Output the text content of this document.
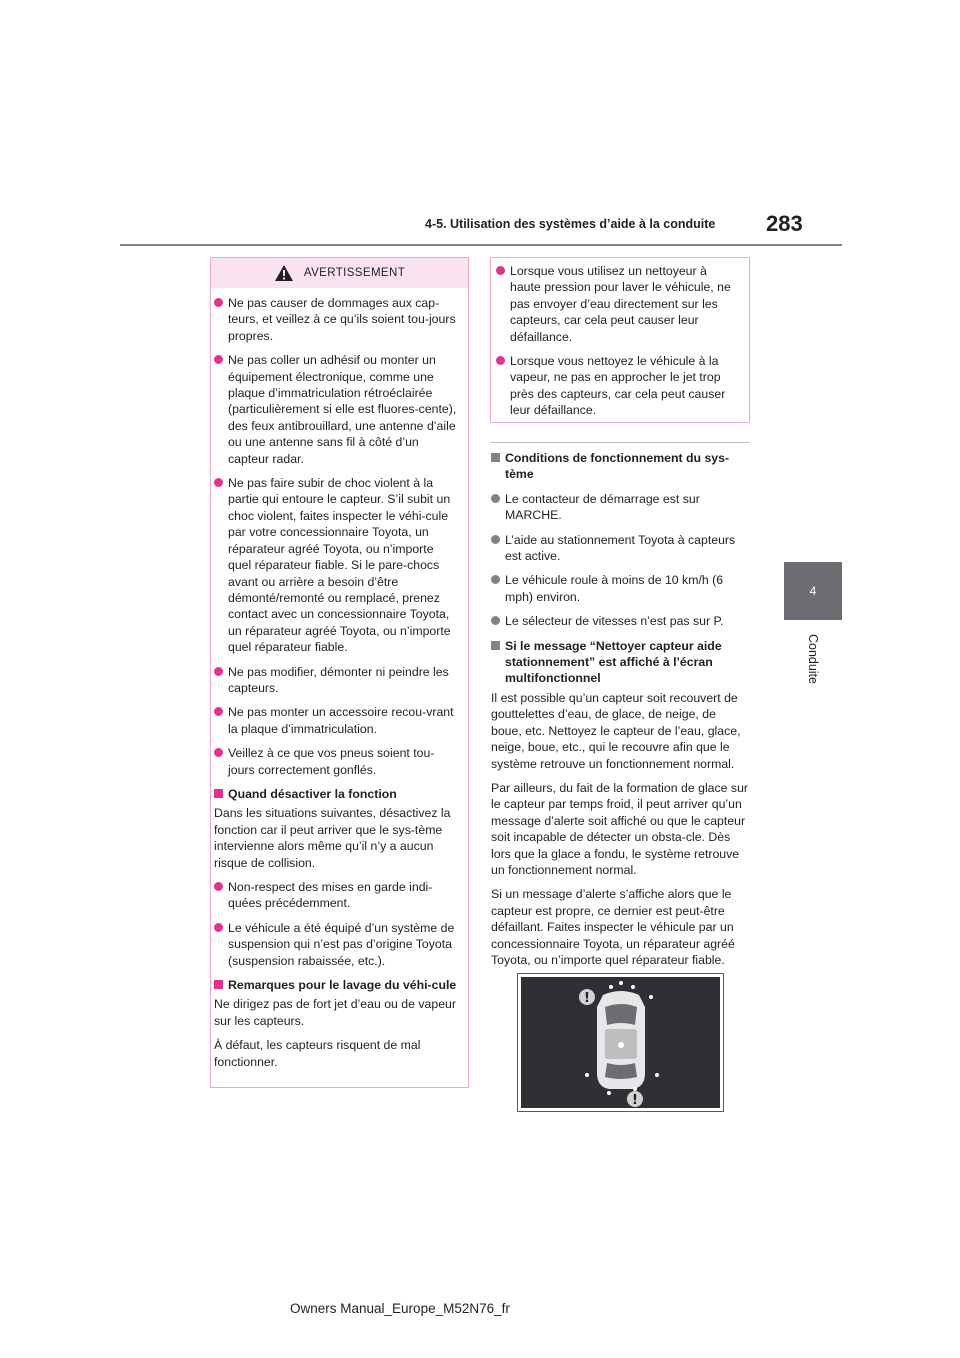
4-5. Utilisation des systèmes d’aide à la conduite 283
4
Conduite
AVERTISSEMENT
Ne pas causer de dommages aux cap-teurs, et veillez à ce qu’ils soient tou-jours propres.
Ne pas coller un adhésif ou monter un équipement électronique, comme une plaque d’immatriculation rétroéclairée (particulièrement si elle est fluores-cente), des feux antibrouillard, une antenne d’aile ou une antenne sans fil à côté d’un capteur radar.
Ne pas faire subir de choc violent à la partie qui entoure le capteur. S’il subit un choc violent, faites inspecter le véhi-cule par votre concessionnaire Toyota, un réparateur agréé Toyota, ou n’importe quel réparateur fiable. Si le pare-chocs avant ou arrière a besoin d’être démonté/remonté ou remplacé, prenez contact avec un concessionnaire Toyota, un réparateur agréé Toyota, ou n’importe quel réparateur fiable.
Ne pas modifier, démonter ni peindre les capteurs.
Ne pas monter un accessoire recou-vrant la plaque d’immatriculation.
Veillez à ce que vos pneus soient tou-jours correctement gonflés.
Quand désactiver la fonction

Dans les situations suivantes, désactivez la fonction car il peut arriver que le sys-tème intervienne alors même qu’il n’y a aucun risque de collision.

Non-respect des mises en garde indi-quées précédemment.
Le véhicule a été équipé d’un système de suspension qui n’est pas d’origine Toyota (suspension rabaissée, etc.).
Remarques pour le lavage du véhi-cule

Ne dirigez pas de fort jet d’eau ou de vapeur sur les capteurs.

À défaut, les capteurs risquent de mal fonctionner.

Lorsque vous utilisez un nettoyeur à haute pression pour laver le véhicule, ne pas envoyer d’eau directement sur les capteurs, car cela peut causer leur défaillance.
Lorsque vous nettoyez le véhicule à la vapeur, ne pas en approcher le jet trop près des capteurs, car cela peut causer leur défaillance.
Conditions de fonctionnement du sys-tème
Le contacteur de démarrage est sur MARCHE.
L’aide au stationnement Toyota à capteurs est active.
Le véhicule roule à moins de 10 km/h (6 mph) environ.
Le sélecteur de vitesses n’est pas sur P.
Si le message “Nettoyer capteur aide stationnement” est affiché à l’écran multifonctionnel

Il est possible qu’un capteur soit recouvert de gouttelettes d’eau, de glace, de neige, de boue, etc. Nettoyez le capteur de l’eau, glace, neige, boue, etc., qui le recouvre afin que le système retrouve un fonctionnement normal.

Par ailleurs, du fait de la formation de glace sur le capteur par temps froid, il peut arriver qu’un message d’alerte soit affiché ou que le capteur soit incapable de détecter un obsta-cle. Dès lors que la glace a fondu, le système retrouve un fonctionnement normal.

Si un message d’alerte s’affiche alors que le capteur est propre, ce dernier est peut-être défaillant. Faites inspecter le véhicule par un concessionnaire Toyota, un réparateur agréé Toyota, ou n’importe quel réparateur fiable.

!
!
Owners Manual_Europe_M52N76_fr
